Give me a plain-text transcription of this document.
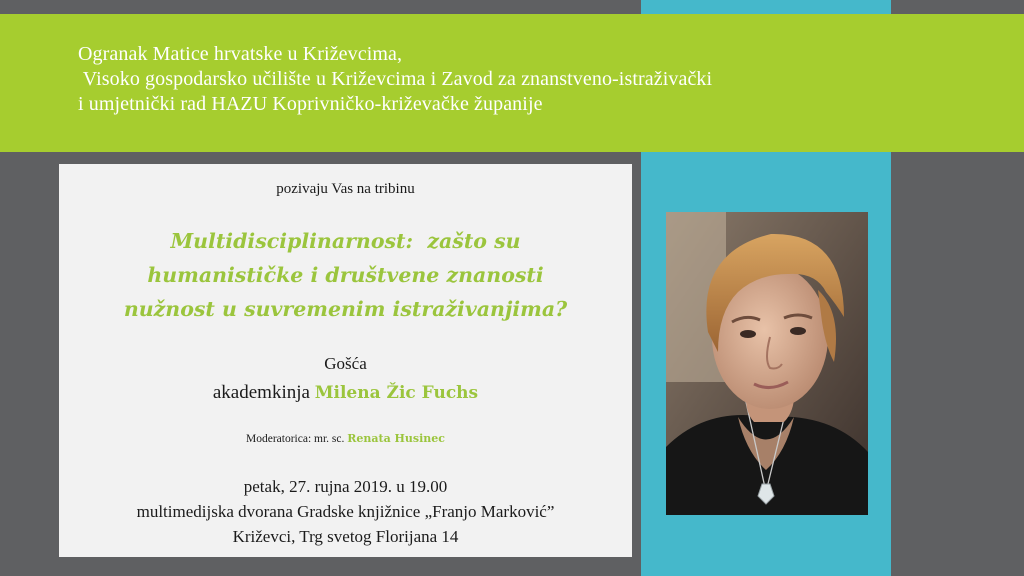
Ogranak Matice hrvatske u Križevcima,
Visoko gospodarsko učilište u Križevcima i Zavod za znanstveno-istraživački
i umjetnički rad HAZU Koprivničko-križevačke županije
pozivaju Vas na tribinu
Multidisciplinarnost:  zašto su
humanističke i društvene znanosti
nužnost u suvremenim istraživanjima?
Gošća
akademkinja Milena Žic Fuchs
Moderatorica: mr. sc. Renata Husinec
petak, 27. rujna 2019. u 19.00
multimedijska dvorana Gradske knjižnice „Franjo Marković”
Križevci, Trg svetog Florijana 14
